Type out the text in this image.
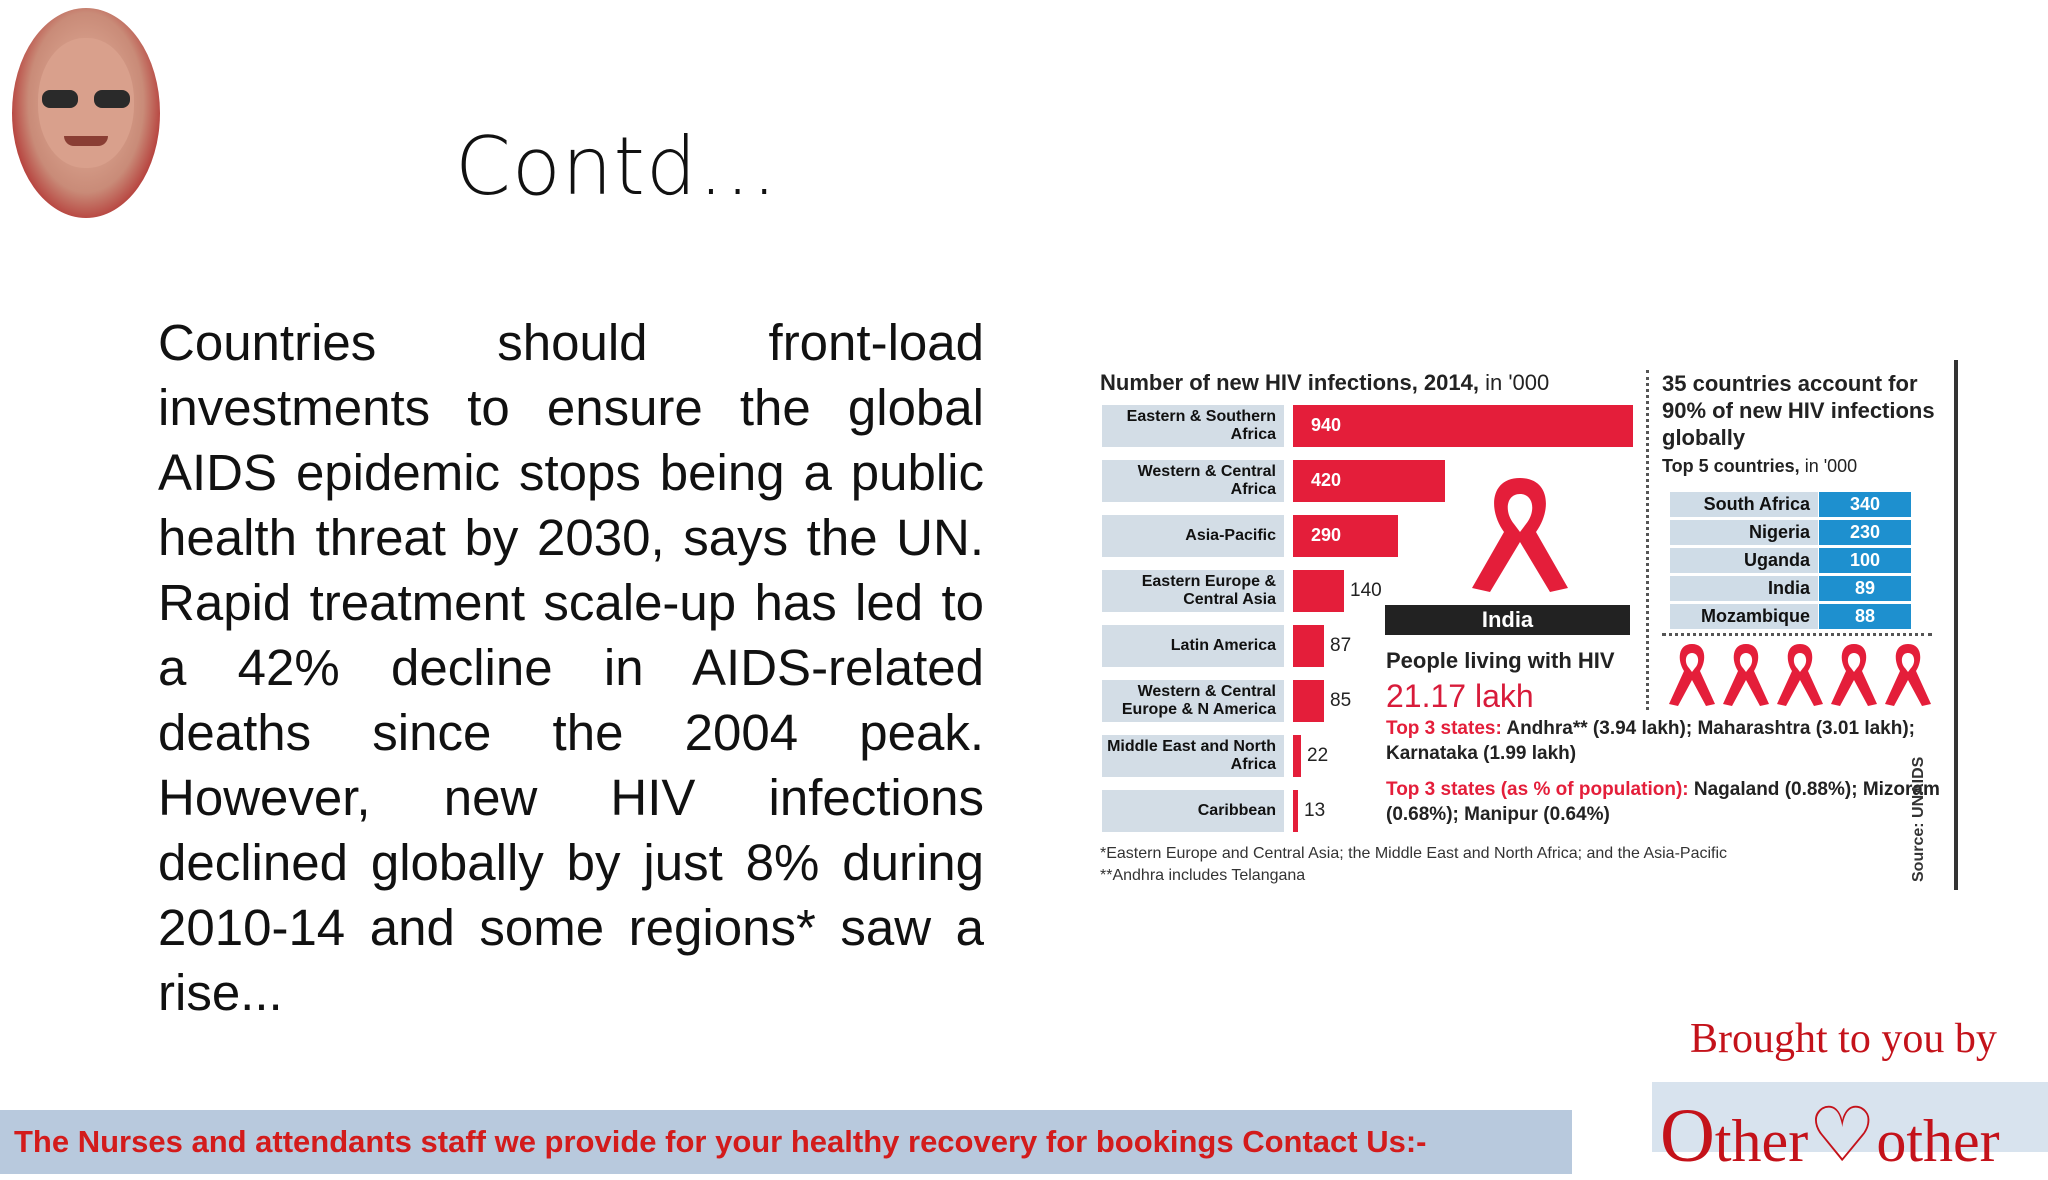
Contd…
Countries should front-load investments to ensure the global AIDS epidemic stops being a public health threat by 2030, says the UN. Rapid treatment scale-up has led to a 42% decline in AIDS-related deaths since the 2004 peak. However, new HIV infections declined globally by just 8% during 2010-14 and some regions* saw a rise...
Number of new HIV infections, 2014, in '000
Eastern & Southern Africa	940
Western & Central Africa	420
Asia-Pacific	290
Eastern Europe & Central Asia	140
Latin America	87
Western & Central Europe & N America	85
Middle East and North Africa	22
Caribbean	13
India
People living with HIV
21.17 lakh
Top 3 states: Andhra** (3.94 lakh); Maharashtra (3.01 lakh); Karnataka (1.99 lakh)
Top 3 states (as % of population): Nagaland (0.88%); Mizoram (0.68%); Manipur (0.64%)
35 countries account for 90% of new HIV infections globally
Top 5 countries, in '000
South Africa	340
Nigeria	230
Uganda	100
India	89
Mozambique	88
*Eastern Europe and Central Asia; the Middle East and North Africa; and the Asia-Pacific
**Andhra includes Telangana	Source: UNAIDS
Brought to you by
The Nurses and attendants staff we provide for your healthy recovery for bookings Contact Us:-	Other♡other
